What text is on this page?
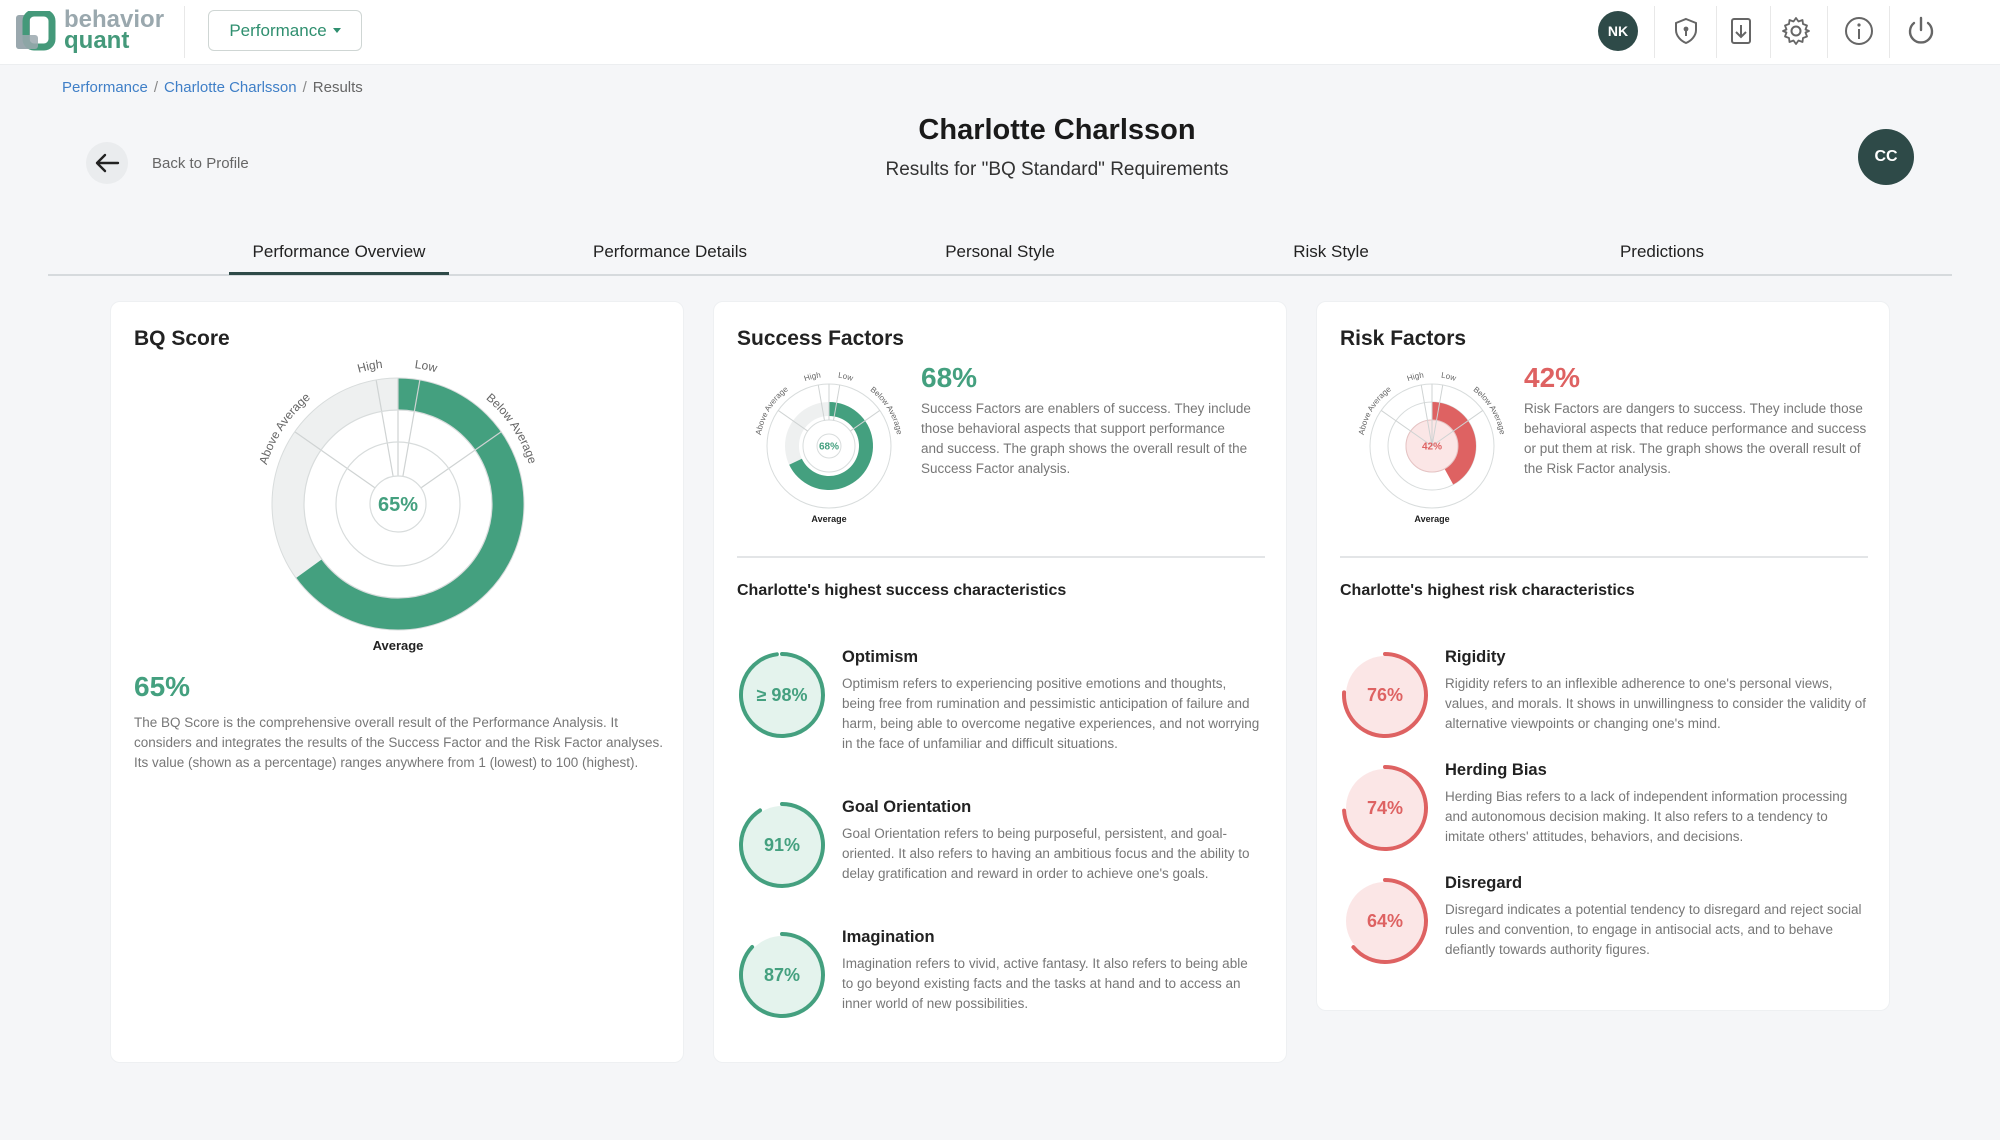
behavior
quant	Performance	NK
Performance / Charlotte Charlsson / Results
Back to Profile
Charlotte Charlsson
Results for "BQ Standard" Requirements
CC
Performance Overview	Performance Details	Personal Style	Risk Style	Predictions
BQ Score
65%
High	Low
Above Average	Below Average
Average
65%
The BQ Score is the comprehensive overall result of the Performance Analysis. It considers and integrates the results of the Success Factor and the Risk Factor analyses. Its value (shown as a percentage) ranges anywhere from 1 (lowest) to 100 (highest).
Success Factors
68%
High Low
Above Average	Below Average
Average
68%
Success Factors are enablers of success. They include those behavioral aspects that support performance and success. The graph shows the overall result of the Success Factor analysis.
Charlotte's highest success characteristics
≥ 98%
Optimism
Optimism refers to experiencing positive emotions and thoughts, being free from rumination and pessimistic anticipation of failure and harm, being able to overcome negative experiences, and not worrying in the face of unfamiliar and difficult situations.
91%
Goal Orientation
Goal Orientation refers to being purposeful, persistent, and goal-oriented. It also refers to having an ambitious focus and the ability to delay gratification and reward in order to achieve one's goals.
87%
Imagination
Imagination refers to vivid, active fantasy. It also refers to being able to go beyond existing facts and the tasks at hand and to access an inner world of new possibilities.
Risk Factors
42%
High Low
Above Average	Below Average
Average
42%
Risk Factors are dangers to success. They include those behavioral aspects that reduce performance and success or put them at risk. The graph shows the overall result of the Risk Factor analysis.
Charlotte's highest risk characteristics
76%
Rigidity
Rigidity refers to an inflexible adherence to one's personal views, values, and morals. It shows in unwillingness to consider the validity of alternative viewpoints or changing one's mind.
74%
Herding Bias
Herding Bias refers to a lack of independent information processing and autonomous decision making. It also refers to a tendency to imitate others' attitudes, behaviors, and decisions.
64%
Disregard
Disregard indicates a potential tendency to disregard and reject social rules and convention, to engage in antisocial acts, and to behave defiantly towards authority figures.
